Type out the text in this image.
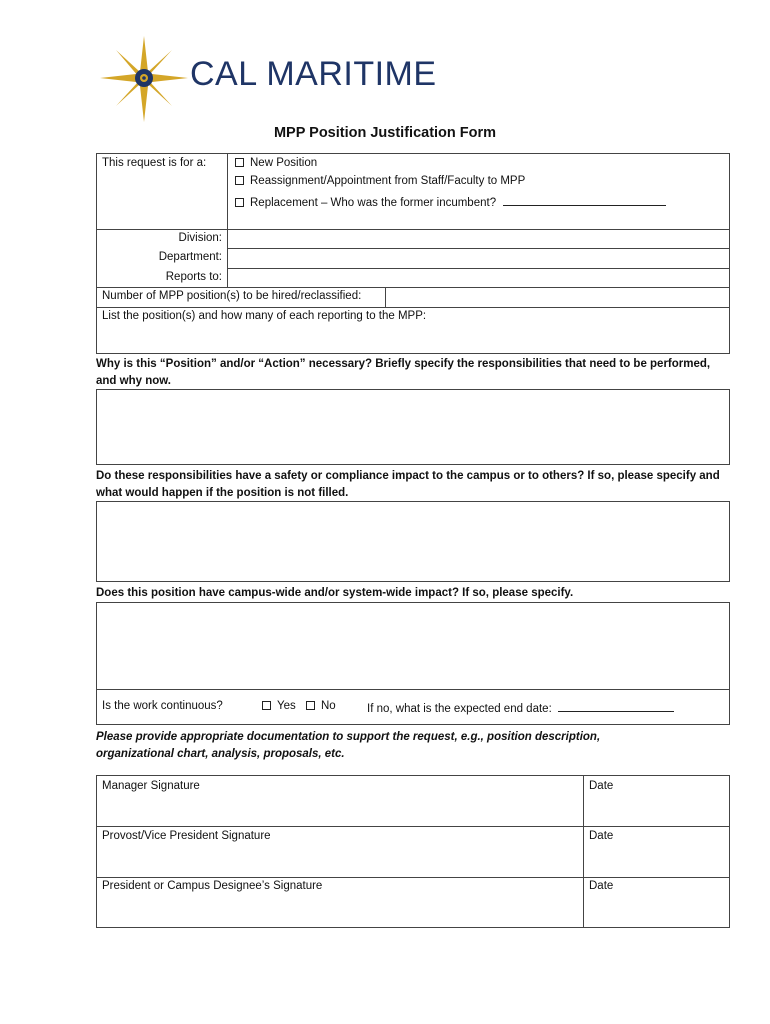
CAL MARITIME
MPP Position Justification Form
This request is for a:	New Position
Reassignment/Appointment from Staff/Faculty to MPP
Replacement – Who was the former incumbent?
Division:
Department:
Reports to:
Number of MPP position(s) to be hired/reclassified:
List the position(s) and how many of each reporting to the MPP:
Why is this “Position” and/or “Action” necessary? Briefly specify the responsibilities that need to be performed, and why now.
Do these responsibilities have a safety or compliance impact to the campus or to others? If so, please specify and what would happen if the position is not filled.
Does this position have campus-wide and/or system-wide impact? If so, please specify.
Is the work continuous?	Yes	No	If no, what is the expected end date:
Please provide appropriate documentation to support the request, e.g., position description, organizational chart, analysis, proposals, etc.
Manager Signature	Date
Provost/Vice President Signature	Date
President or Campus Designee’s Signature	Date
